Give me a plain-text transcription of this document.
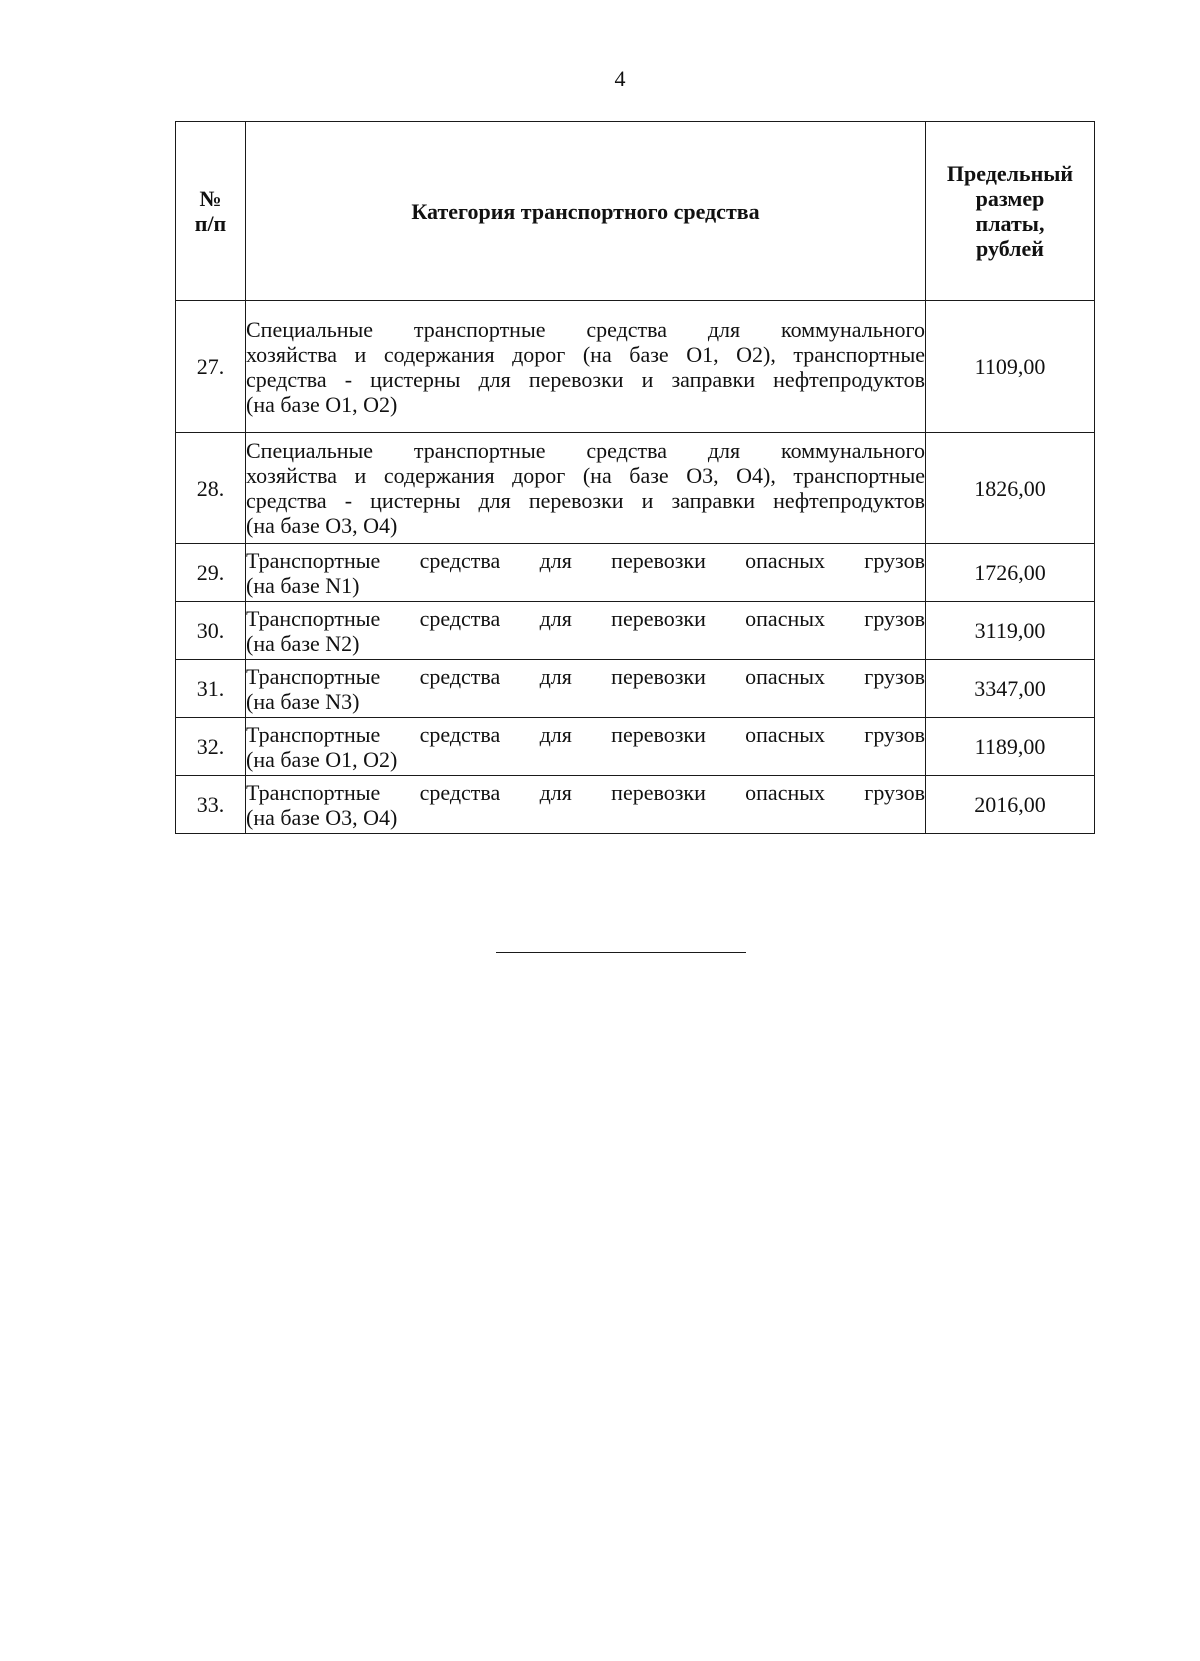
4
№
п/п	Категория транспортного средства	Предельный
размер
платы,
рублей
27.	Специальные транспортные средства для коммунального
хозяйства и содержания дорог (на базе O1, O2), транспортные
средства - цистерны для перевозки и заправки нефтепродуктов
(на базе O1, O2)	1109,00
28.	Специальные транспортные средства для коммунального
хозяйства и содержания дорог (на базе O3, O4), транспортные
средства - цистерны для перевозки и заправки нефтепродуктов
(на базе O3, O4)	1826,00
29.	Транспортные средства для перевозки опасных грузов
(на базе N1)	1726,00
30.	Транспортные средства для перевозки опасных грузов
(на базе N2)	3119,00
31.	Транспортные средства для перевозки опасных грузов
(на базе N3)	3347,00
32.	Транспортные средства для перевозки опасных грузов
(на базе O1, O2)	1189,00
33.	Транспортные средства для перевозки опасных грузов
(на базе O3, O4)	2016,00
